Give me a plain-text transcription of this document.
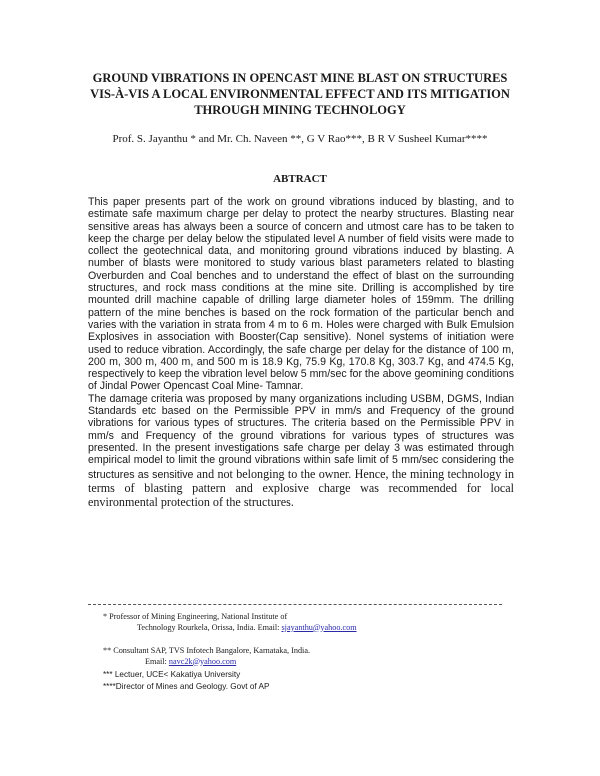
GROUND VIBRATIONS IN OPENCAST MINE BLAST ON STRUCTURES VIS-À-VIS A LOCAL ENVIRONMENTAL EFFECT AND ITS MITIGATION THROUGH MINING TECHNOLOGY

Prof. S. Jayanthu * and Mr. Ch. Naveen **, G V Rao***, B R V Susheel Kumar****

ABTRACT

This paper presents part of the work on ground vibrations induced by blasting, and to estimate safe maximum charge per delay to protect the nearby structures. Blasting near sensitive areas has always been a source of concern and utmost care has to be taken to keep the charge per delay below the stipulated level A number of field visits were made to collect the geotechnical data, and monitoring ground vibrations induced by blasting. A number of blasts were monitored to study various blast parameters related to blasting Overburden and Coal benches and to understand the effect of blast on the surrounding structures, and rock mass conditions at the mine site. Drilling is accomplished by tire mounted drill machine capable of drilling large diameter holes of 159mm. The drilling pattern of the mine benches is based on the rock formation of the particular bench and varies with the variation in strata from 4 m to 6 m. Holes were charged with Bulk Emulsion Explosives in association with Booster(Cap sensitive). Nonel systems of initiation were used to reduce vibration. Accordingly, the safe charge per delay for the distance of 100 m, 200 m, 300 m, 400 m, and 500 m is 18.9 Kg, 75.9 Kg, 170.8 Kg, 303.7 Kg, and 474.5 Kg, respectively to keep the vibration level below 5 mm/sec for the above geomining conditions of Jindal Power Opencast Coal Mine- Tamnar.

The damage criteria was proposed by many organizations including USBM, DGMS, Indian Standards etc based on the Permissible PPV in mm/s and Frequency of the ground vibrations for various types of structures. The criteria based on the Permissible PPV in mm/s and Frequency of the ground vibrations for various types of structures was presented. In the present investigations safe charge per delay 3 was estimated through empirical model to limit the ground vibrations within safe limit of 5 mm/sec considering the structures as sensitive and not belonging to the owner. Hence, the mining technology in terms of blasting pattern and explosive charge was recommended for local environmental protection of the structures.

* Professor of Mining Engineering, National Institute of
Technology Rourkela, Orissa, India. Email: sjayanthu@yahoo.com

** Consultant SAP, TVS Infotech Bangalore, Karnataka, India.
Email: navc2k@yahoo.com

*** Lectuer, UCE< Kakatiya University

****Director of Mines and Geology. Govt of AP
